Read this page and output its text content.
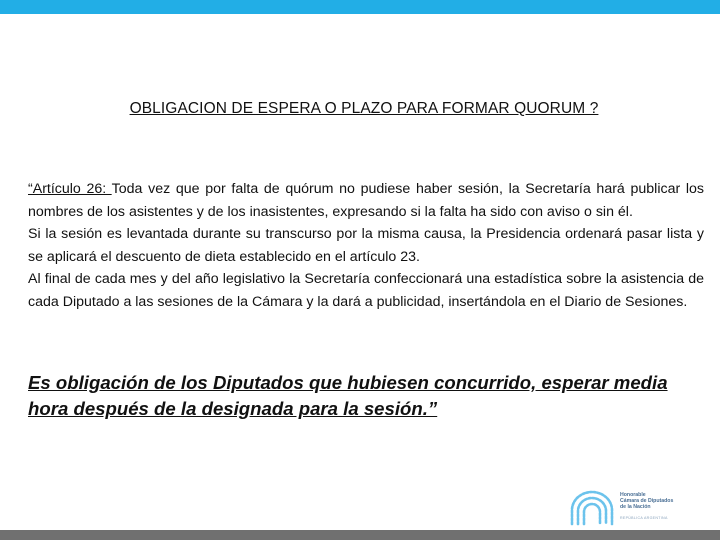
OBLIGACION DE ESPERA O PLAZO PARA FORMAR QUORUM ?

“Artículo 26: Toda vez que por falta de quórum no pudiese haber sesión, la Secretaría hará publicar los nombres de los asistentes y de los inasistentes, expresando si la falta ha sido con aviso o sin él.

Si la sesión es levantada durante su transcurso por la misma causa, la Presidencia ordenará pasar lista y se aplicará el descuento de dieta establecido en el artículo 23.

Al final de cada mes y del año legislativo la Secretaría confeccionará una estadística sobre la asistencia de cada Diputado a las sesiones de la Cámara y la dará a publicidad, insertándola en el Diario de Sesiones.

Es obligación de los Diputados que hubiesen concurrido, esperar media hora después de la designada para la sesión.”
Honorable
Cámara de Diputados
de la Nación
REPÚBLICA ARGENTINA
